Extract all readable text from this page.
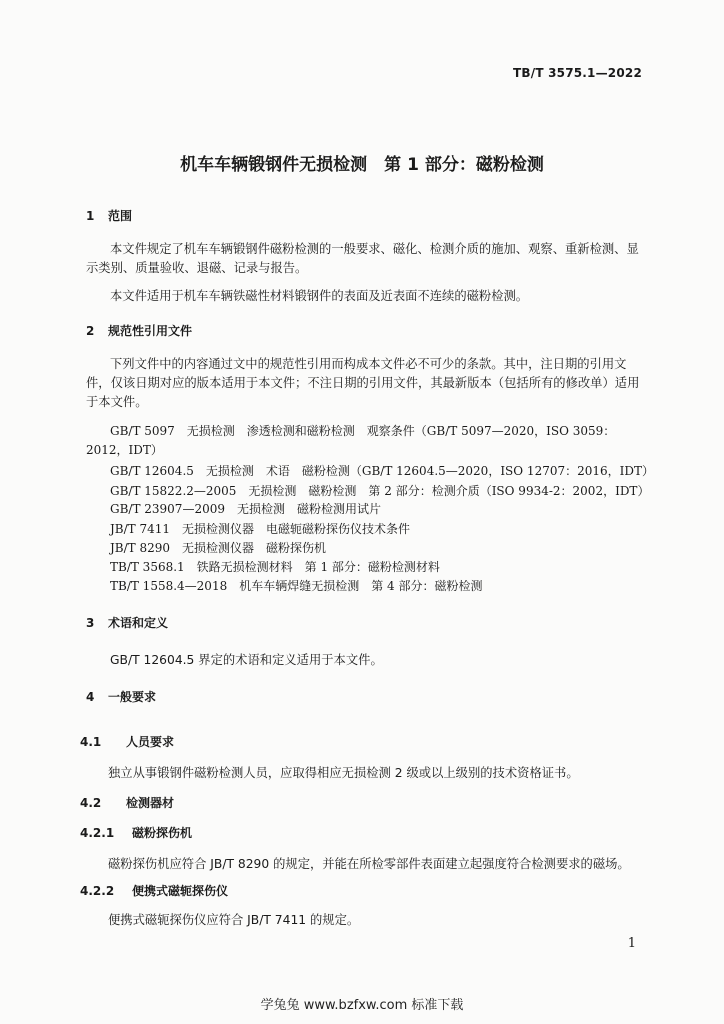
TB/T 3575.1—2022
机车车辆锻钢件无损检测　第 1 部分：磁粉检测
1 范围
本文件规定了机车车辆锻钢件磁粉检测的一般要求、磁化、检测介质的施加、观察、重新检测、显示类别、质量验收、退磁、记录与报告。
本文件适用于机车车辆铁磁性材料锻钢件的表面及近表面不连续的磁粉检测。
2 规范性引用文件
下列文件中的内容通过文中的规范性引用而构成本文件必不可少的条款。其中，注日期的引用文件，仅该日期对应的版本适用于本文件；不注日期的引用文件，其最新版本（包括所有的修改单）适用于本文件。
GB/T 5097　无损检测　渗透检测和磁粉检测　观察条件（GB/T 5097—2020，ISO 3059：2012，IDT）
GB/T 12604.5　无损检测　术语　磁粉检测（GB/T 12604.5—2020，ISO 12707：2016，IDT）
GB/T 15822.2—2005　无损检测　磁粉检测　第 2 部分：检测介质（ISO 9934-2：2002，IDT）
GB/T 23907—2009　无损检测　磁粉检测用试片
JB/T 7411　无损检测仪器　电磁轭磁粉探伤仪技术条件
JB/T 8290　无损检测仪器　磁粉探伤机
TB/T 3568.1　铁路无损检测材料　第 1 部分：磁粉检测材料
TB/T 1558.4—2018　机车车辆焊缝无损检测　第 4 部分：磁粉检测
3 术语和定义
GB/T 12604.5 界定的术语和定义适用于本文件。
4 一般要求
4.1 人员要求
独立从事锻钢件磁粉检测人员，应取得相应无损检测 2 级或以上级别的技术资格证书。
4.2 检测器材
4.2.1 磁粉探伤机
磁粉探伤机应符合 JB/T 8290 的规定，并能在所检零部件表面建立起强度符合检测要求的磁场。
4.2.2 便携式磁轭探伤仪
便携式磁轭探伤仪应符合 JB/T 7411 的规定。
1
学兔兔 www.bzfxw.com 标准下载
